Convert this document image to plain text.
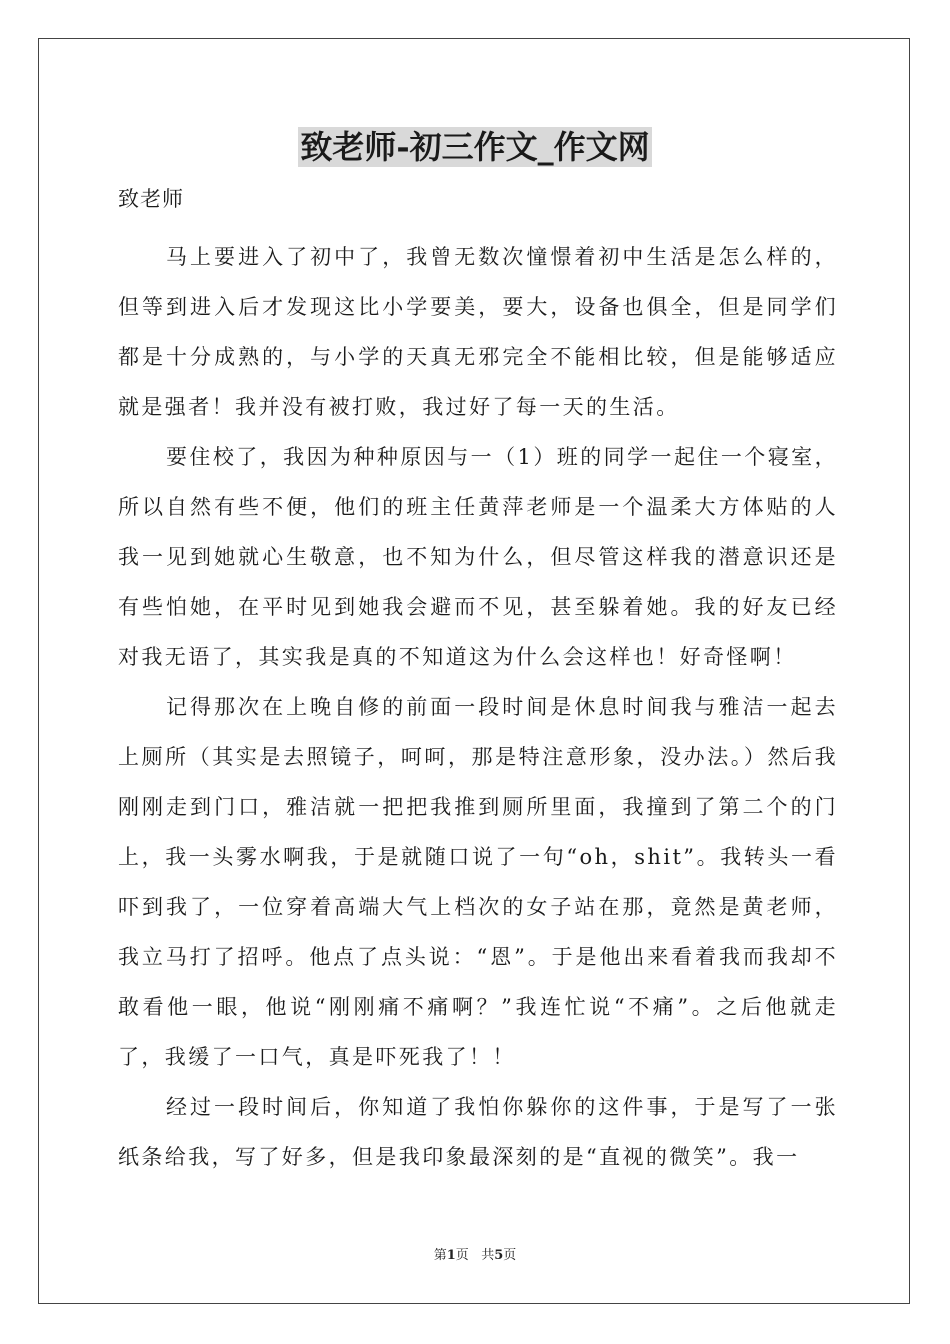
致老师-初三作文_作文网
致老师

马上要进入了初中了，我曾无数次憧憬着初中生活是怎么样的，但等到进入后才发现这比小学要美，要大，设备也俱全，但是同学们都是十分成熟的，与小学的天真无邪完全不能相比较，但是能够适应就是强者！我并没有被打败，我过好了每一天的生活。

要住校了，我因为种种原因与一（1）班的同学一起住一个寝室，所以自然有些不便，他们的班主任黄萍老师是一个温柔大方体贴的人我一见到她就心生敬意，也不知为什么，但尽管这样我的潜意识还是有些怕她，在平时见到她我会避而不见，甚至躲着她。我的好友已经对我无语了，其实我是真的不知道这为什么会这样也！好奇怪啊！

记得那次在上晚自修的前面一段时间是休息时间我与雅洁一起去上厕所（其实是去照镜子，呵呵，那是特注意形象，没办法。）然后我刚刚走到门口，雅洁就一把把我推到厕所里面，我撞到了第二个的门上，我一头雾水啊我，于是就随口说了一句“oh，shit”。我转头一看吓到我了，一位穿着高端大气上档次的女子站在那，竟然是黄老师，我立马打了招呼。他点了点头说：“恩”。于是他出来看着我而我却不敢看他一眼，他说“刚刚痛不痛啊？”我连忙说“不痛”。之后他就走了，我缓了一口气，真是吓死我了！！

经过一段时间后，你知道了我怕你躲你的这件事，于是写了一张纸条给我，写了好多，但是我印象最深刻的是“直视的微笑”。我一

第1页 共5页
